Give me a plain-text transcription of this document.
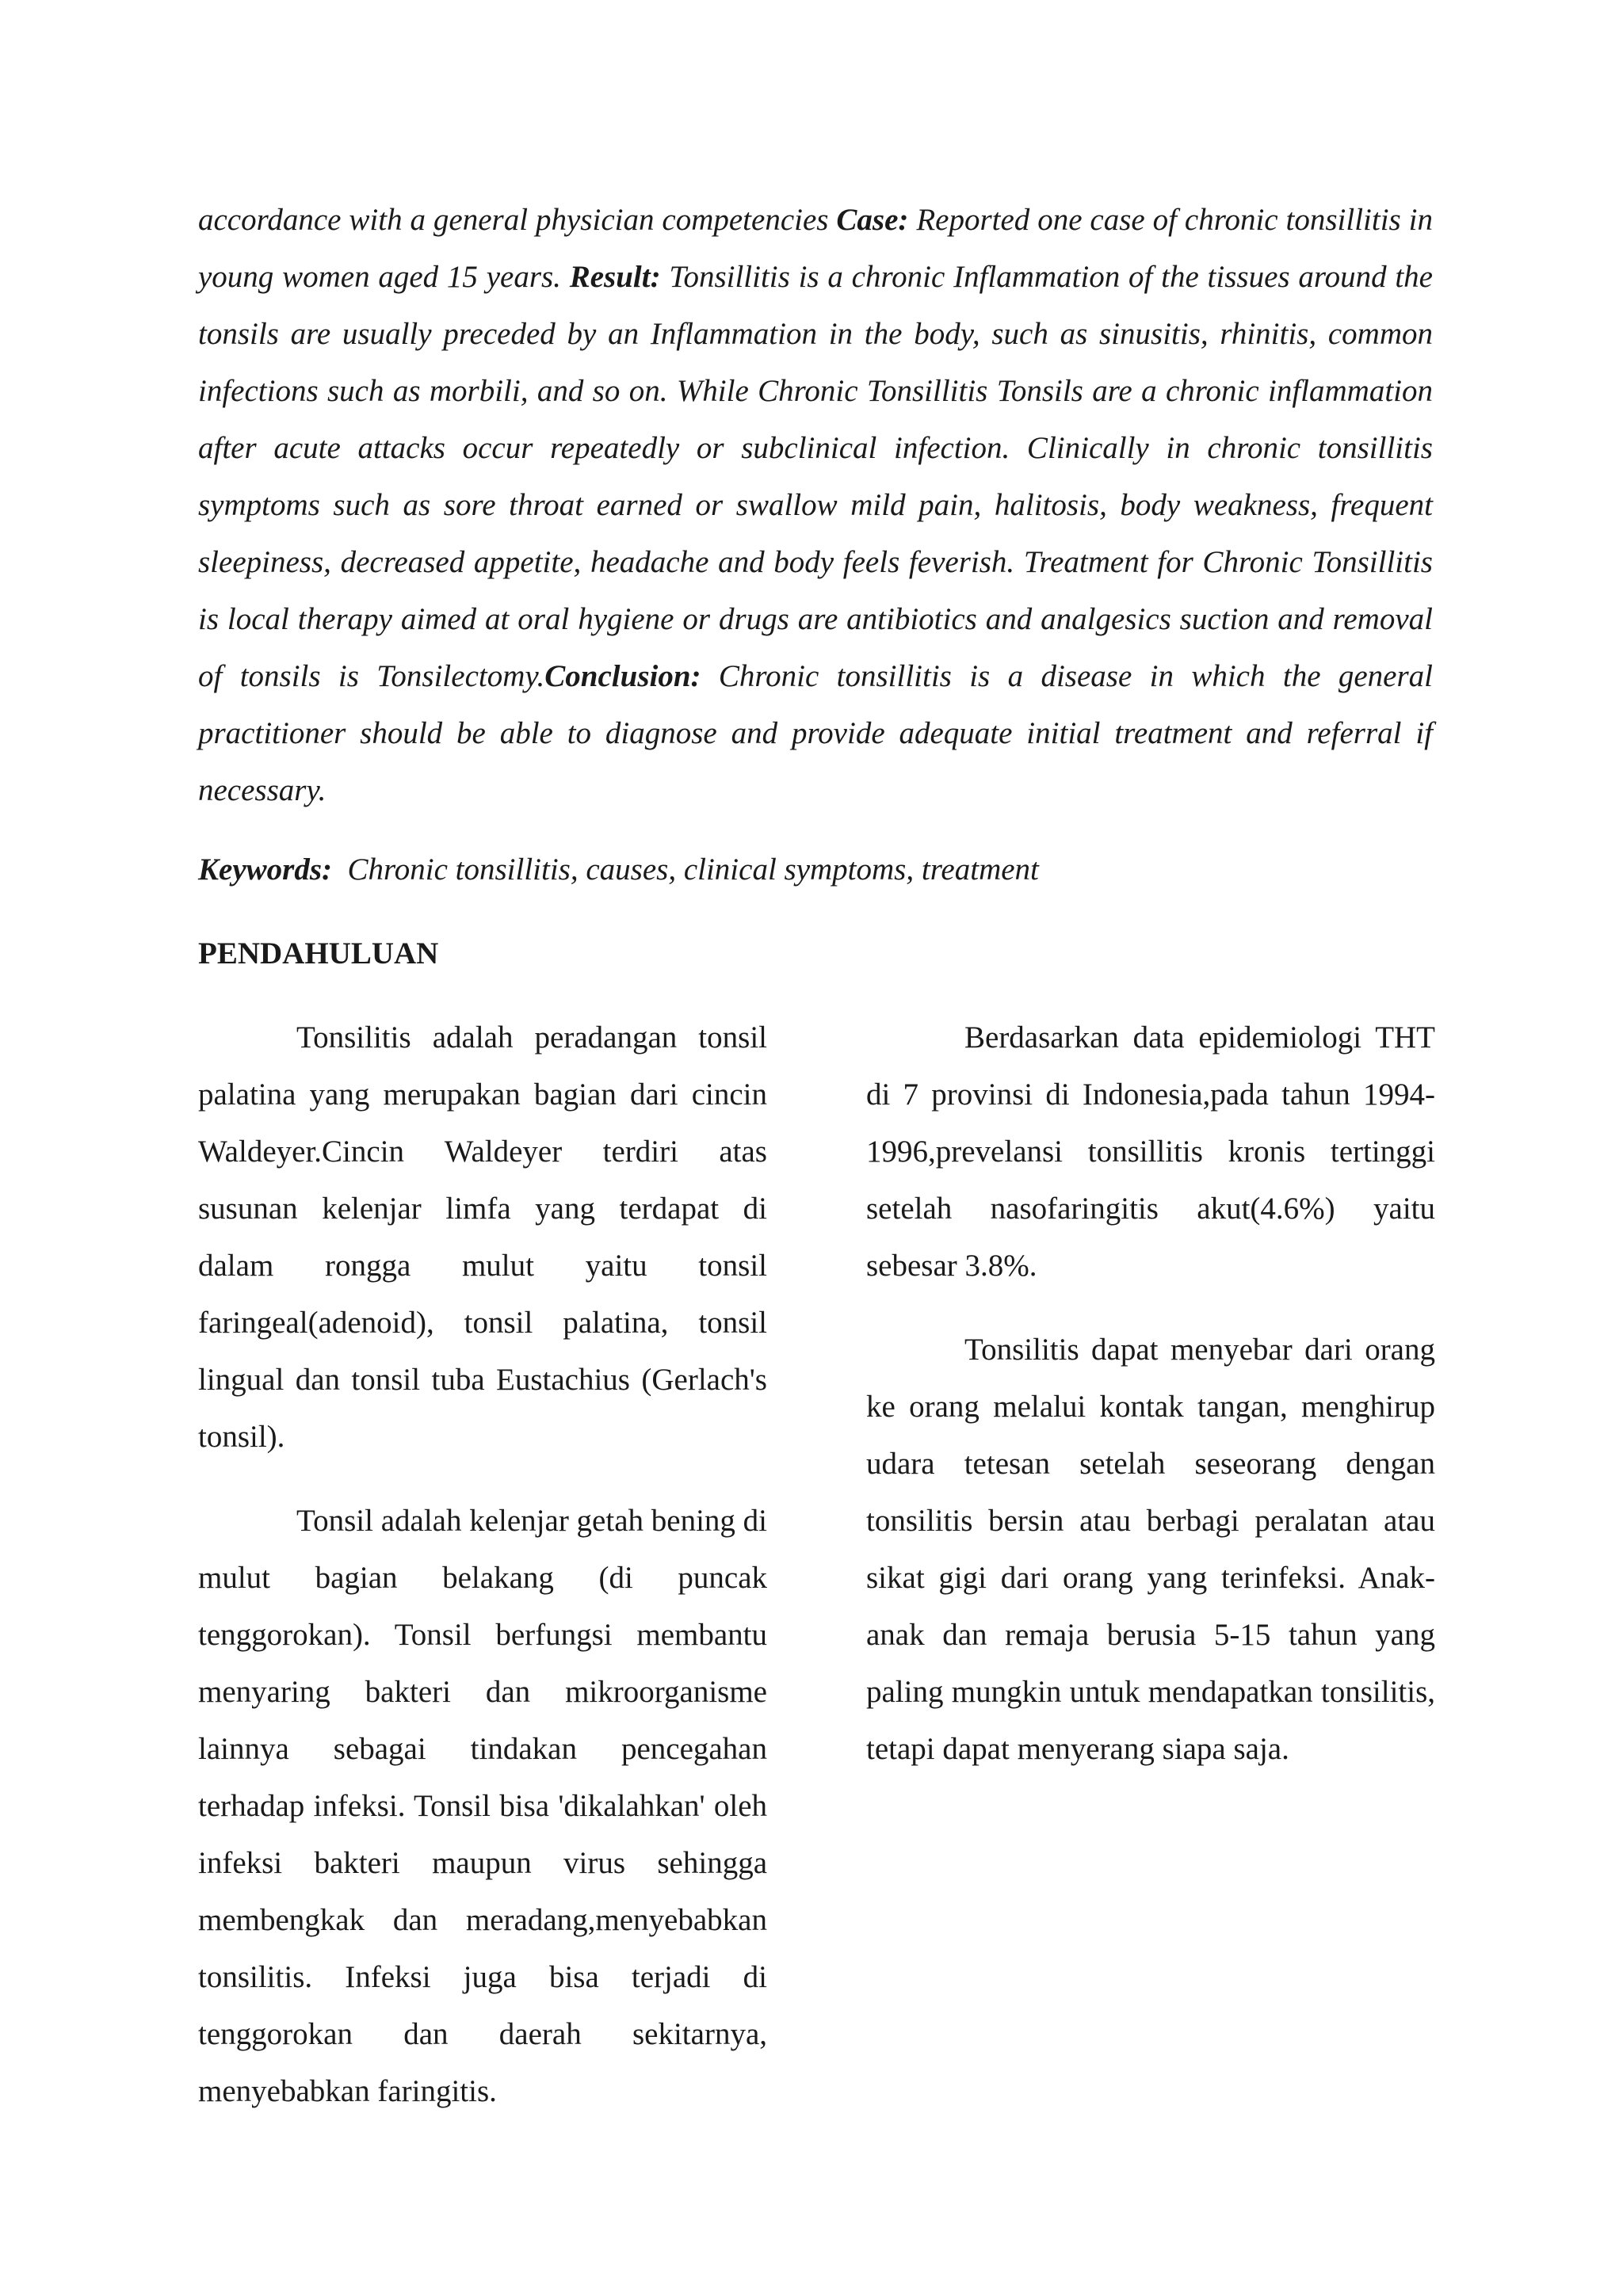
accordance with a general physician competencies Case: Reported one case of chronic tonsillitis in young women aged 15 years. Result: Tonsillitis is a chronic Inflammation of the tissues around the tonsils are usually preceded by an Inflammation in the body, such as sinusitis, rhinitis, common infections such as morbili, and so on. While Chronic Tonsillitis Tonsils are a chronic inflammation after acute attacks occur repeatedly or subclinical infection. Clinically in chronic tonsillitis symptoms such as sore throat earned or swallow mild pain, halitosis, body weakness, frequent sleepiness, decreased appetite, headache and body feels feverish. Treatment for Chronic Tonsillitis is local therapy aimed at oral hygiene or drugs are antibiotics and analgesics suction and removal of tonsils is Tonsilectomy.Conclusion: Chronic tonsillitis is a disease in which the general practitioner should be able to diagnose and provide adequate initial treatment and referral if necessary.

Keywords:  Chronic tonsillitis, causes, clinical symptoms, treatment

PENDAHULUAN

Tonsilitis adalah peradangan tonsil palatina yang merupakan bagian dari cincin Waldeyer.Cincin Waldeyer terdiri atas susunan kelenjar limfa yang terdapat di dalam rongga mulut yaitu tonsil faringeal(adenoid), tonsil palatina, tonsil lingual dan tonsil tuba Eustachius (Gerlach's tonsil).

Tonsil adalah kelenjar getah bening di mulut bagian belakang (di puncak tenggorokan). Tonsil berfungsi membantu menyaring bakteri dan mikroorganisme lainnya sebagai tindakan pencegahan terhadap infeksi. Tonsil bisa 'dikalahkan' oleh infeksi bakteri maupun virus sehingga membengkak dan meradang,menyebabkan tonsilitis. Infeksi juga bisa terjadi di tenggorokan dan daerah sekitarnya, menyebabkan faringitis.

Berdasarkan data epidemiologi THT di 7 provinsi di Indonesia,pada tahun 1994-1996,prevelansi tonsillitis kronis tertinggi setelah nasofaringitis akut(4.6%) yaitu sebesar 3.8%.

Tonsilitis dapat menyebar dari orang ke orang melalui kontak tangan, menghirup udara tetesan setelah seseorang dengan tonsilitis bersin atau berbagi peralatan atau sikat gigi dari orang yang terinfeksi. Anak-anak dan remaja berusia 5-15 tahun yang paling mungkin untuk mendapatkan tonsilitis, tetapi dapat menyerang siapa saja.
